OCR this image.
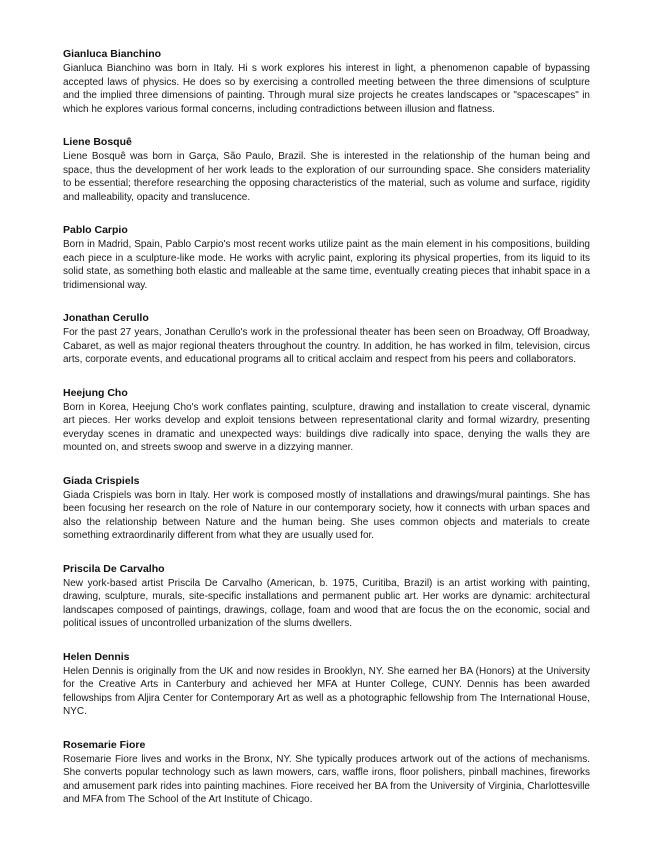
Gianluca Bianchino

Gianluca Bianchino was born in Italy. Hi s work explores his interest in light, a phenomenon capable of bypassing accepted laws of physics. He does so by exercising a controlled meeting between the three dimensions of sculpture and the implied three dimensions of painting. Through mural size projects he creates landscapes or "spacescapes" in which he explores various formal concerns, including contradictions between illusion and flatness.

Liene Bosquê

Liene Bosquê was born in Garça, São Paulo, Brazil. She is interested in the relationship of the human being and space, thus the development of her work leads to the exploration of our surrounding space. She considers materiality to be essential; therefore researching the opposing characteristics of the material, such as volume and surface, rigidity and malleability, opacity and translucence.

Pablo Carpio

Born in Madrid, Spain, Pablo Carpio's most recent works utilize paint as the main element in his compositions, building each piece in a sculpture-like mode. He works with acrylic paint, exploring its physical properties, from its liquid to its solid state, as something both elastic and malleable at the same time, eventually creating pieces that inhabit space in a tridimensional way.

Jonathan Cerullo

For the past 27 years, Jonathan Cerullo's work in the professional theater has been seen on Broadway, Off Broadway, Cabaret, as well as major regional theaters throughout the country. In addition, he has worked in film, television, circus arts, corporate events, and educational programs all to critical acclaim and respect from his peers and collaborators.

Heejung Cho

Born in Korea, Heejung Cho's work conflates painting, sculpture, drawing and installation to create visceral, dynamic art pieces. Her works develop and exploit tensions between representational clarity and formal wizardry, presenting everyday scenes in dramatic and unexpected ways: buildings dive radically into space, denying the walls they are mounted on, and streets swoop and swerve in a dizzying manner.

Giada Crispiels

Giada Crispiels was born in Italy. Her work is composed mostly of installations and drawings/mural paintings. She has been focusing her research on the role of Nature in our contemporary society, how it connects with urban spaces and also the relationship between Nature and the human being. She uses common objects and materials to create something extraordinarily different from what they are usually used for.

Priscila De Carvalho

New york-based artist Priscila De Carvalho (American, b. 1975, Curitiba, Brazil) is an artist working with painting, drawing, sculpture, murals, site-specific installations and permanent public art. Her works are dynamic: architectural landscapes composed of paintings, drawings, collage, foam and wood that are focus the on the economic, social and political issues of uncontrolled urbanization of the slums dwellers.

Helen Dennis

Helen Dennis is originally from the UK and now resides in Brooklyn, NY. She earned her BA (Honors) at the University for the Creative Arts in Canterbury and achieved her MFA at Hunter College, CUNY. Dennis has been awarded fellowships from Aljira Center for Contemporary Art as well as a photographic fellowship from The International House, NYC.

Rosemarie Fiore

Rosemarie Fiore lives and works in the Bronx, NY. She typically produces artwork out of the actions of mechanisms. She converts popular technology such as lawn mowers, cars, waffle irons, floor polishers, pinball machines, fireworks and amusement park rides into painting machines. Fiore received her BA from the University of Virginia, Charlottesville and MFA from The School of the Art Institute of Chicago.
